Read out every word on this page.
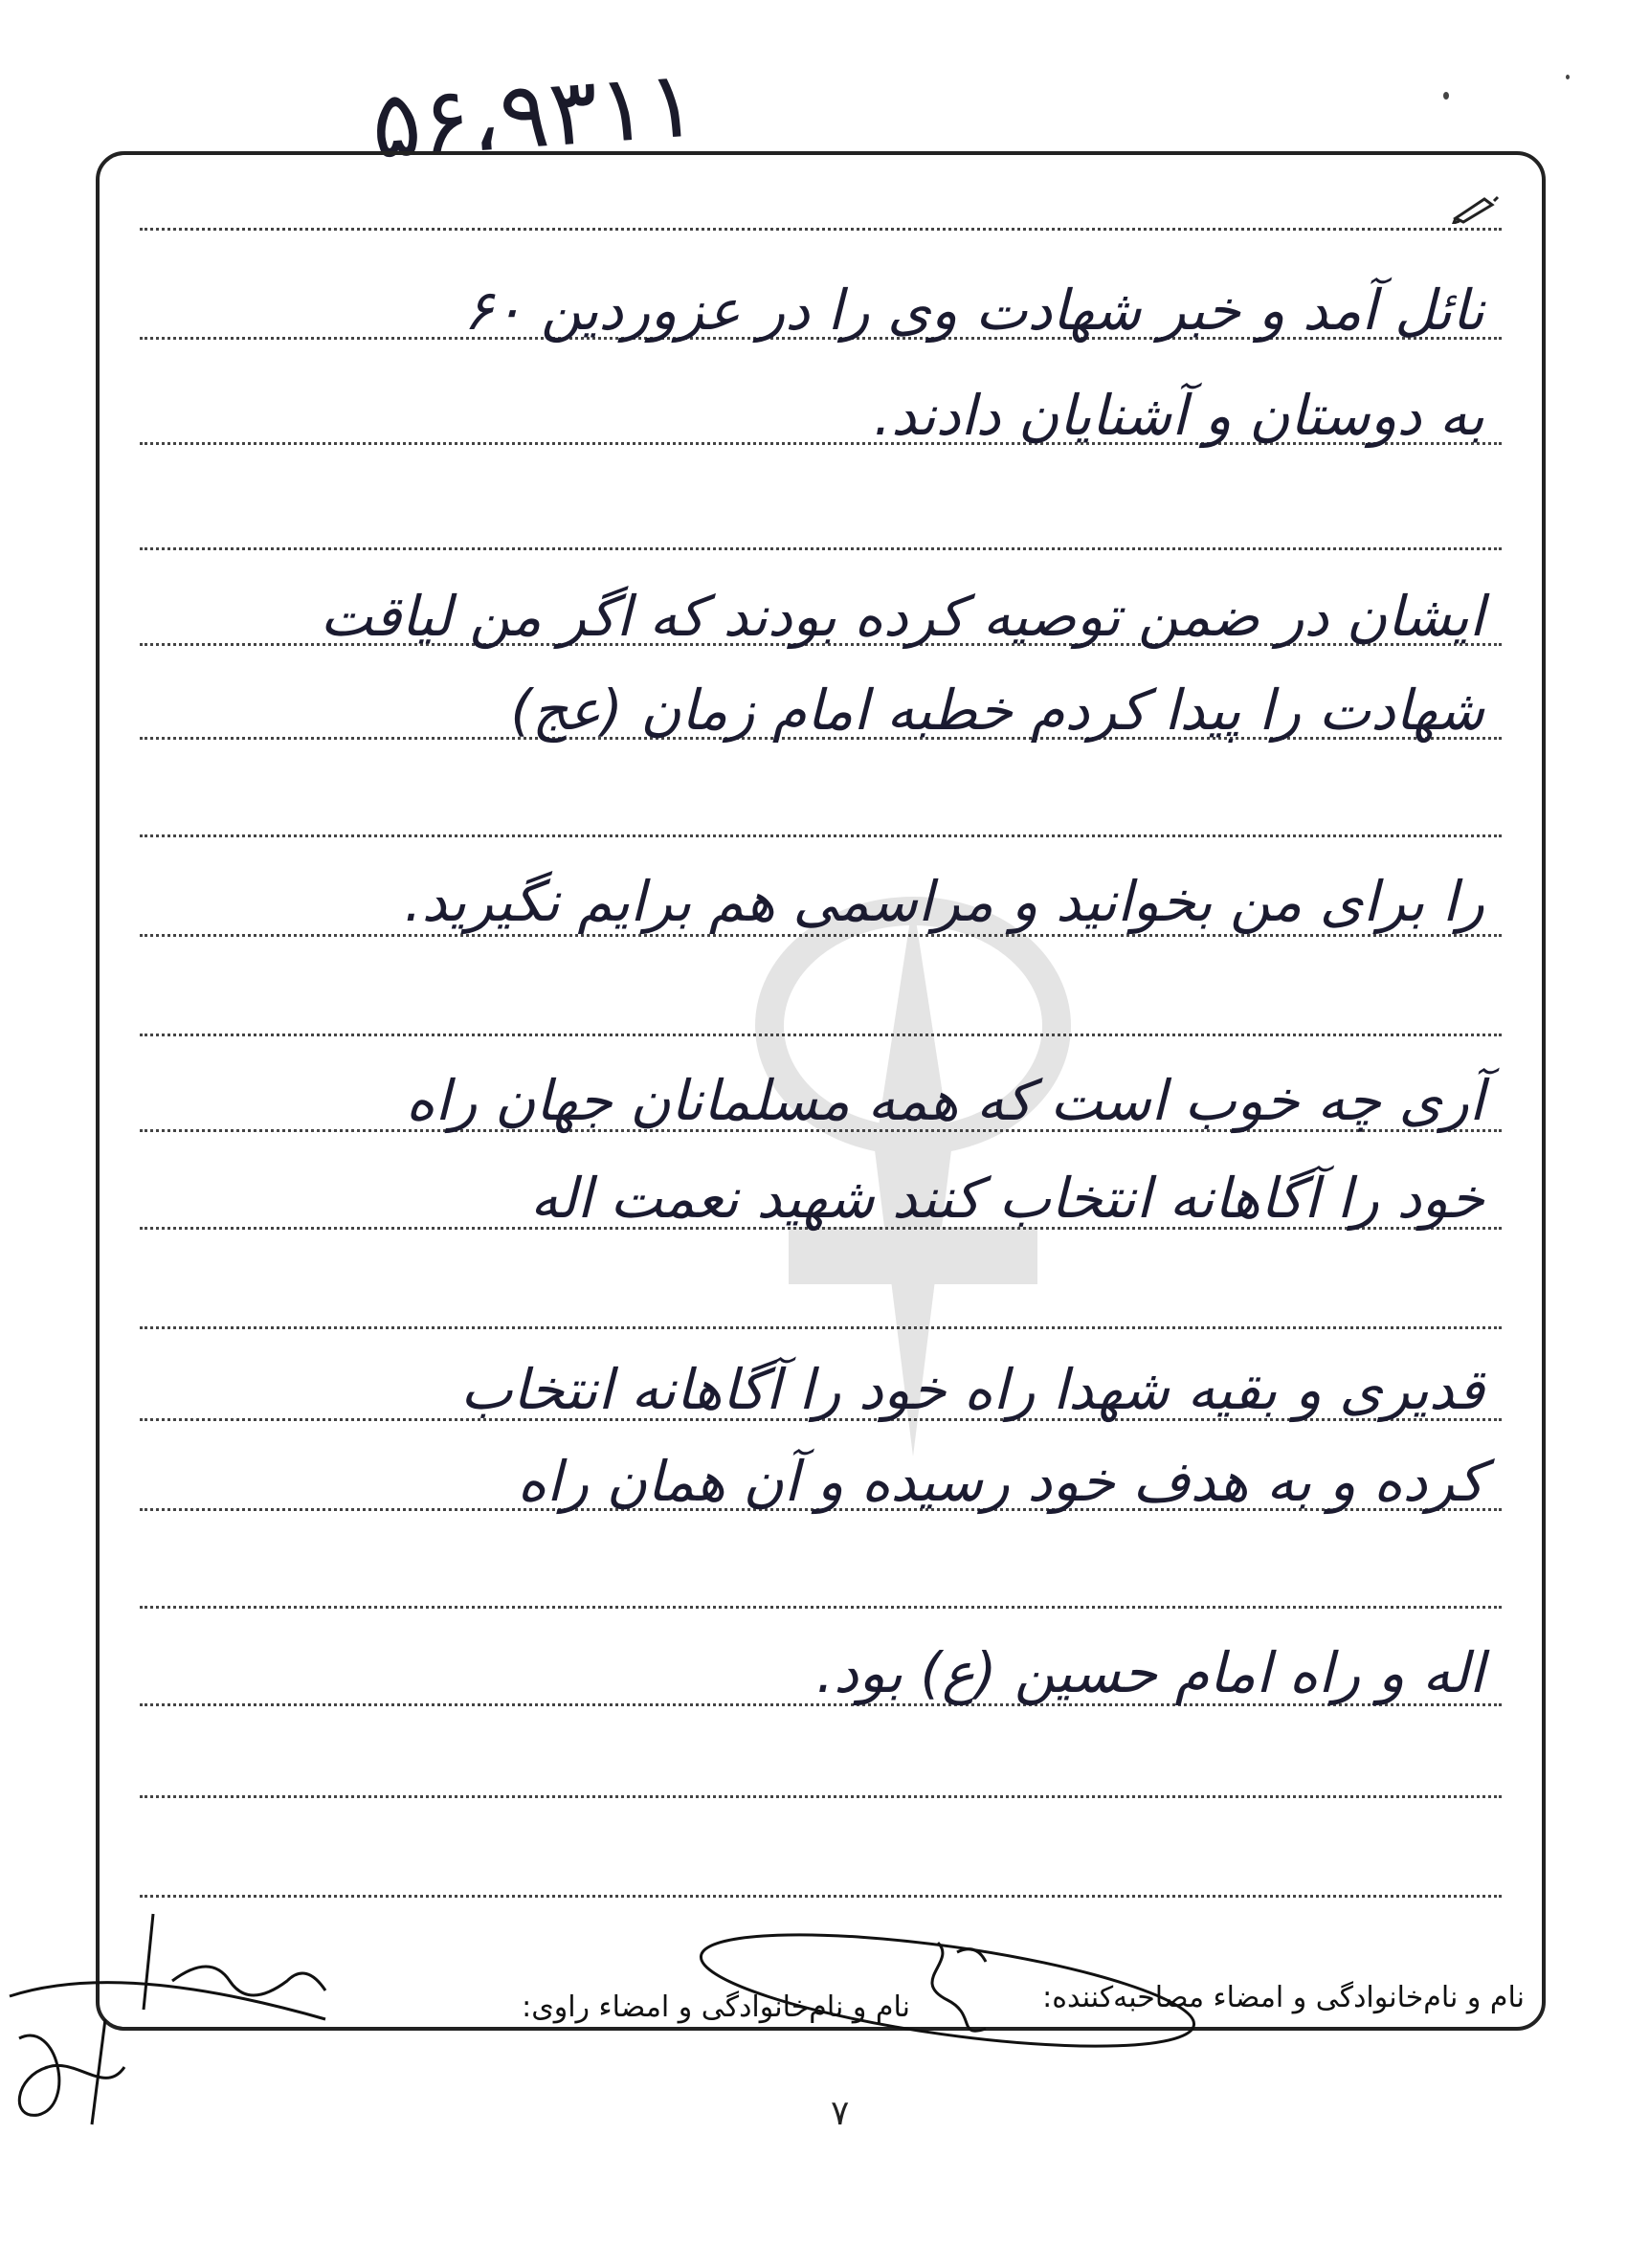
۵۶،۹۳۱۱
نائل آمد و خبر شهادت وی را در عزوردین ۶۰
به دوستان و آشنایان دادند.
ایشان در ضمن توصیه کرده بودند که اگر من لیاقت
شهادت را پیدا کردم خطبه امام زمان (عج)
را برای من بخوانید و مراسمی هم برایم نگیرید.
آری چه خوب است که همه مسلمانان جهان راه
خود را آگاهانه انتخاب کنند شهید نعمت اله
قدیری و بقیه شهدا راه خود را آگاهانه انتخاب
کرده و به هدف خود رسیده و آن همان راه
اله و راه امام حسین (ع) بود.
نام و نام‌خانوادگی و امضاء مصاحبه‌کننده:
نام و نام‌خانوادگی و امضاء راوی:
۷
